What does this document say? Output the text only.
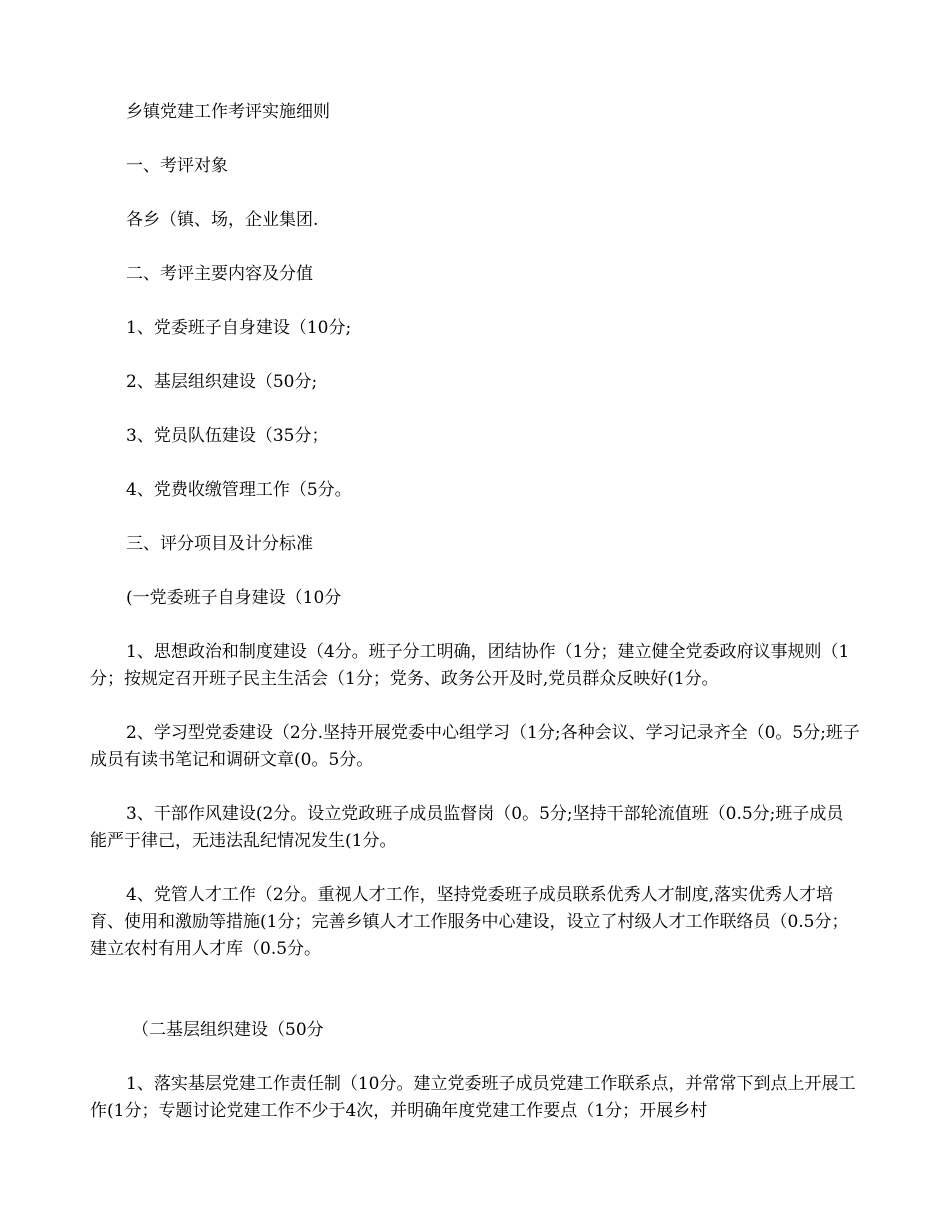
乡镇党建工作考评实施细则

一、考评对象

各乡（镇、场，企业集团.

二、考评主要内容及分值

1、党委班子自身建设（10分;

2、基层组织建设（50分;

3、党员队伍建设（35分；

4、党费收缴管理工作（5分。

三、评分项目及计分标准

(一党委班子自身建设（10分

1、思想政治和制度建设（4分。班子分工明确，团结协作（1分；建立健全党委政府议事规则（1分；按规定召开班子民主生活会（1分；党务、政务公开及时,党员群众反映好(1分。

2、学习型党委建设（2分.坚持开展党委中心组学习（1分;各种会议、学习记录齐全（0。5分;班子成员有读书笔记和调研文章(0。5分。

3、干部作风建设(2分。设立党政班子成员监督岗（0。5分;坚持干部轮流值班（0.5分;班子成员能严于律己，无违法乱纪情况发生(1分。

4、党管人才工作（2分。重视人才工作，坚持党委班子成员联系优秀人才制度,落实优秀人才培育、使用和激励等措施(1分；完善乡镇人才工作服务中心建设，设立了村级人才工作联络员（0.5分；建立农村有用人才库（0.5分。

（二基层组织建设（50分

1、落实基层党建工作责任制（10分。建立党委班子成员党建工作联系点，并常常下到点上开展工作(1分；专题讨论党建工作不少于4次，并明确年度党建工作要点（1分；开展乡村
